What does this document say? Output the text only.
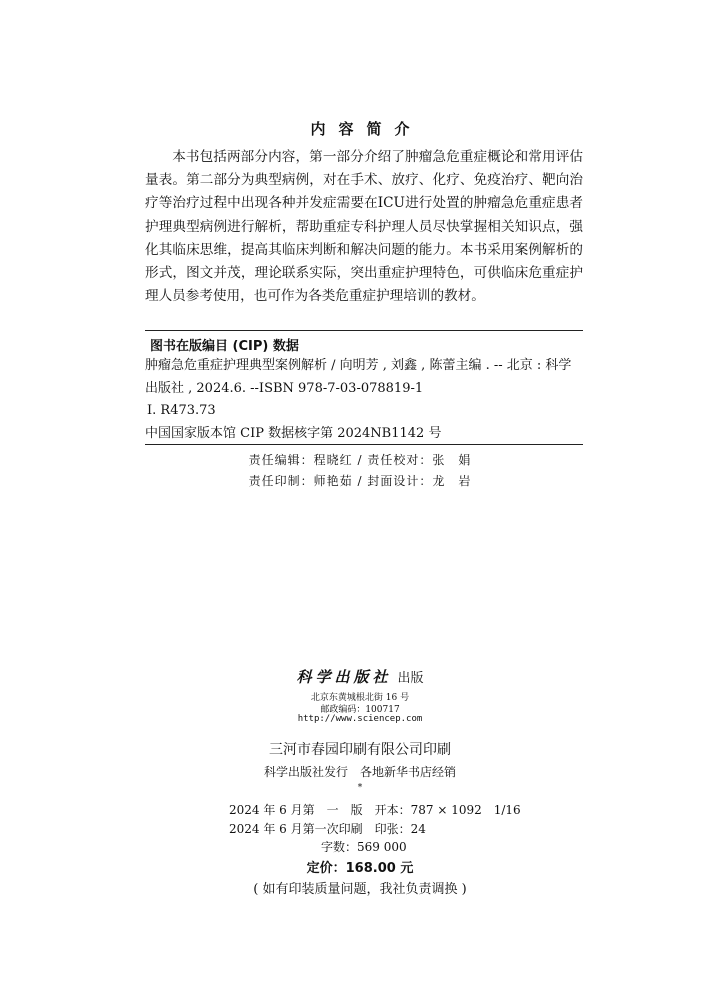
内容简介

本书包括两部分内容，第一部分介绍了肿瘤急危重症概论和常用评估量表。第二部分为典型病例，对在手术、放疗、化疗、免疫治疗、靶向治疗等治疗过程中出现各种并发症需要在ICU进行处置的肿瘤急危重症患者护理典型病例进行解析，帮助重症专科护理人员尽快掌握相关知识点，强化其临床思维，提高其临床判断和解决问题的能力。本书采用案例解析的形式，图文并茂，理论联系实际，突出重症护理特色，可供临床危重症护理人员参考使用，也可作为各类危重症护理培训的教材。

图书在版编目 (CIP) 数据
肿瘤急危重症护理典型案例解析 / 向明芳 , 刘鑫 , 陈蕾主编 . -- 北京 : 科学
出版社 , 2024.6. --ISBN 978-7-03-078819-1
Ⅰ. R473.73
中国国家版本馆 CIP 数据核字第 2024NB1142 号
责任编辑：程晓红 / 责任校对：张　娟
责任印制：师艳茹 / 封面设计：龙　岩
科学出版社 出版
北京东黄城根北街 16 号
邮政编码：100717
http://www.sciencep.com
三河市春园印刷有限公司印刷
科学出版社发行　各地新华书店经销
*
2024 年 6 月第　一　版　开本：787 × 1092　1/16
2024 年 6 月第一次印刷　印张：24
字数：569 000
定价：168.00 元
( 如有印装质量问题，我社负责调换 )
